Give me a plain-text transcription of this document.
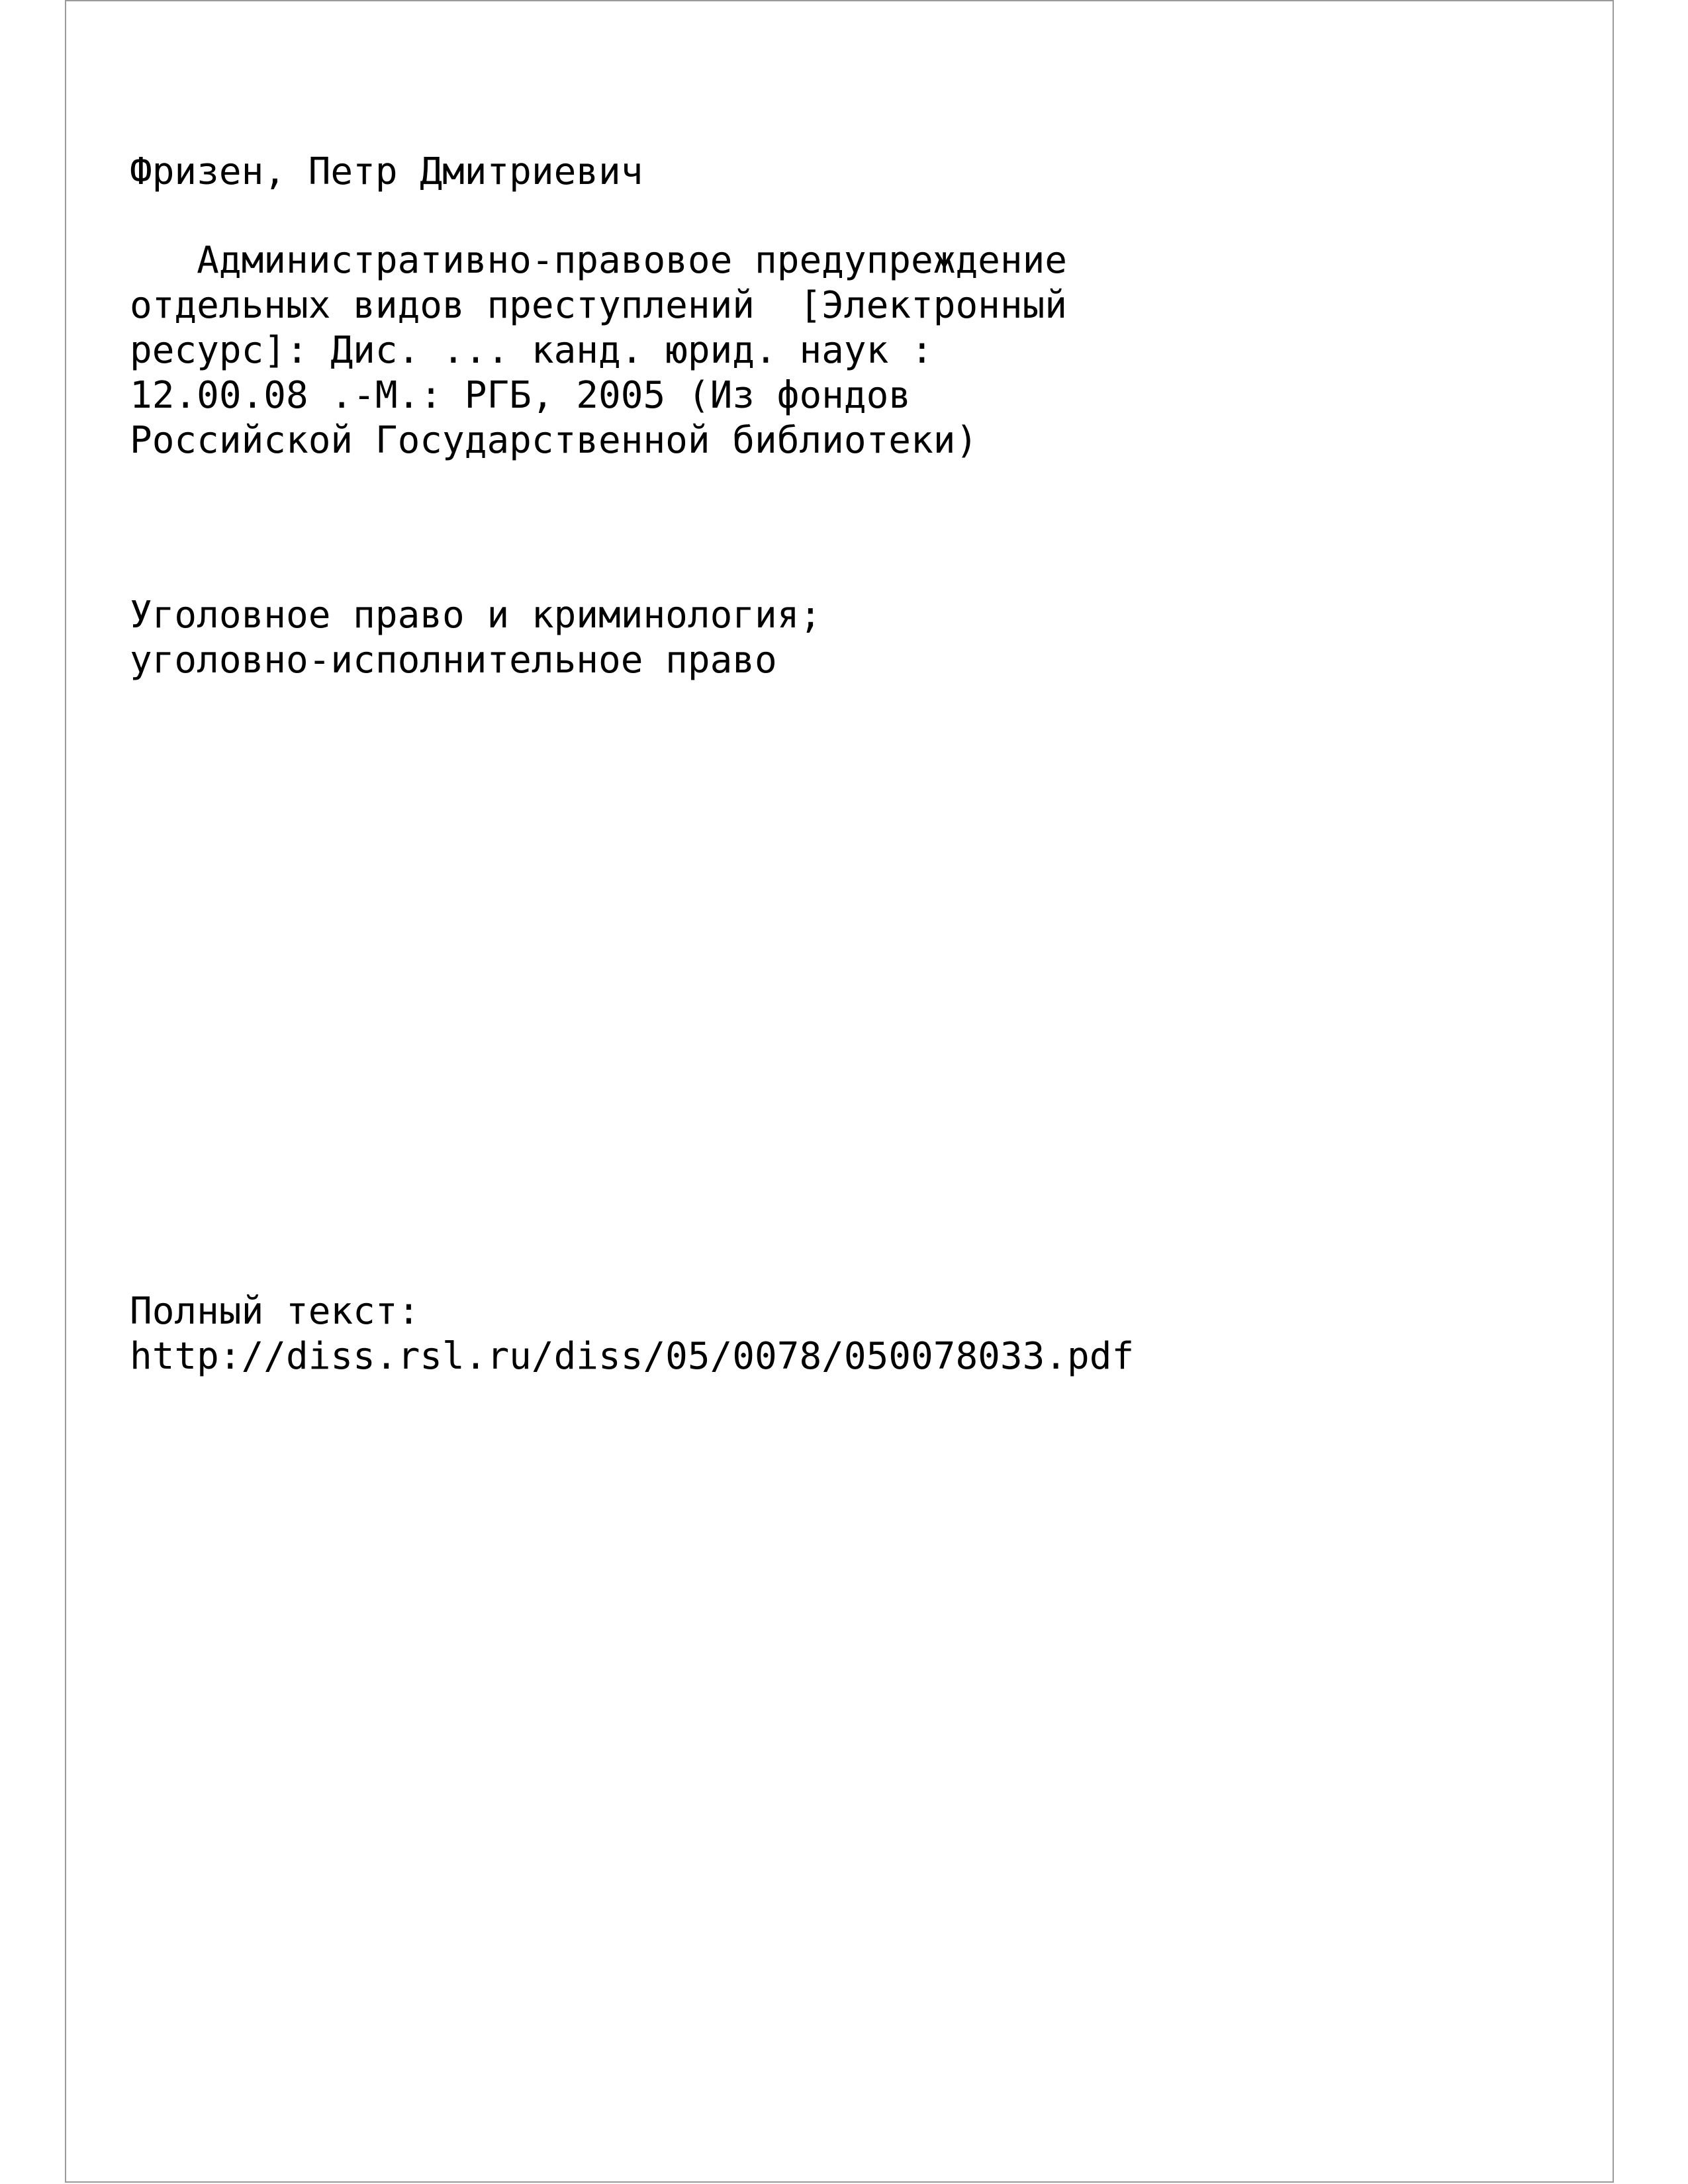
Фризен, Петр Дмитриевич

Административно-правовое предупреждение

отдельных видов преступлений  [Электронный

ресурс]: Дис. ... канд. юрид. наук :

12.00.08 .-М.: РГБ, 2005 (Из фондов

Российской Государственной библиотеки)

Уголовное право и криминология;

уголовно-исполнительное право

Полный текст:

http://diss.rsl.ru/diss/05/0078/050078033.pdf
